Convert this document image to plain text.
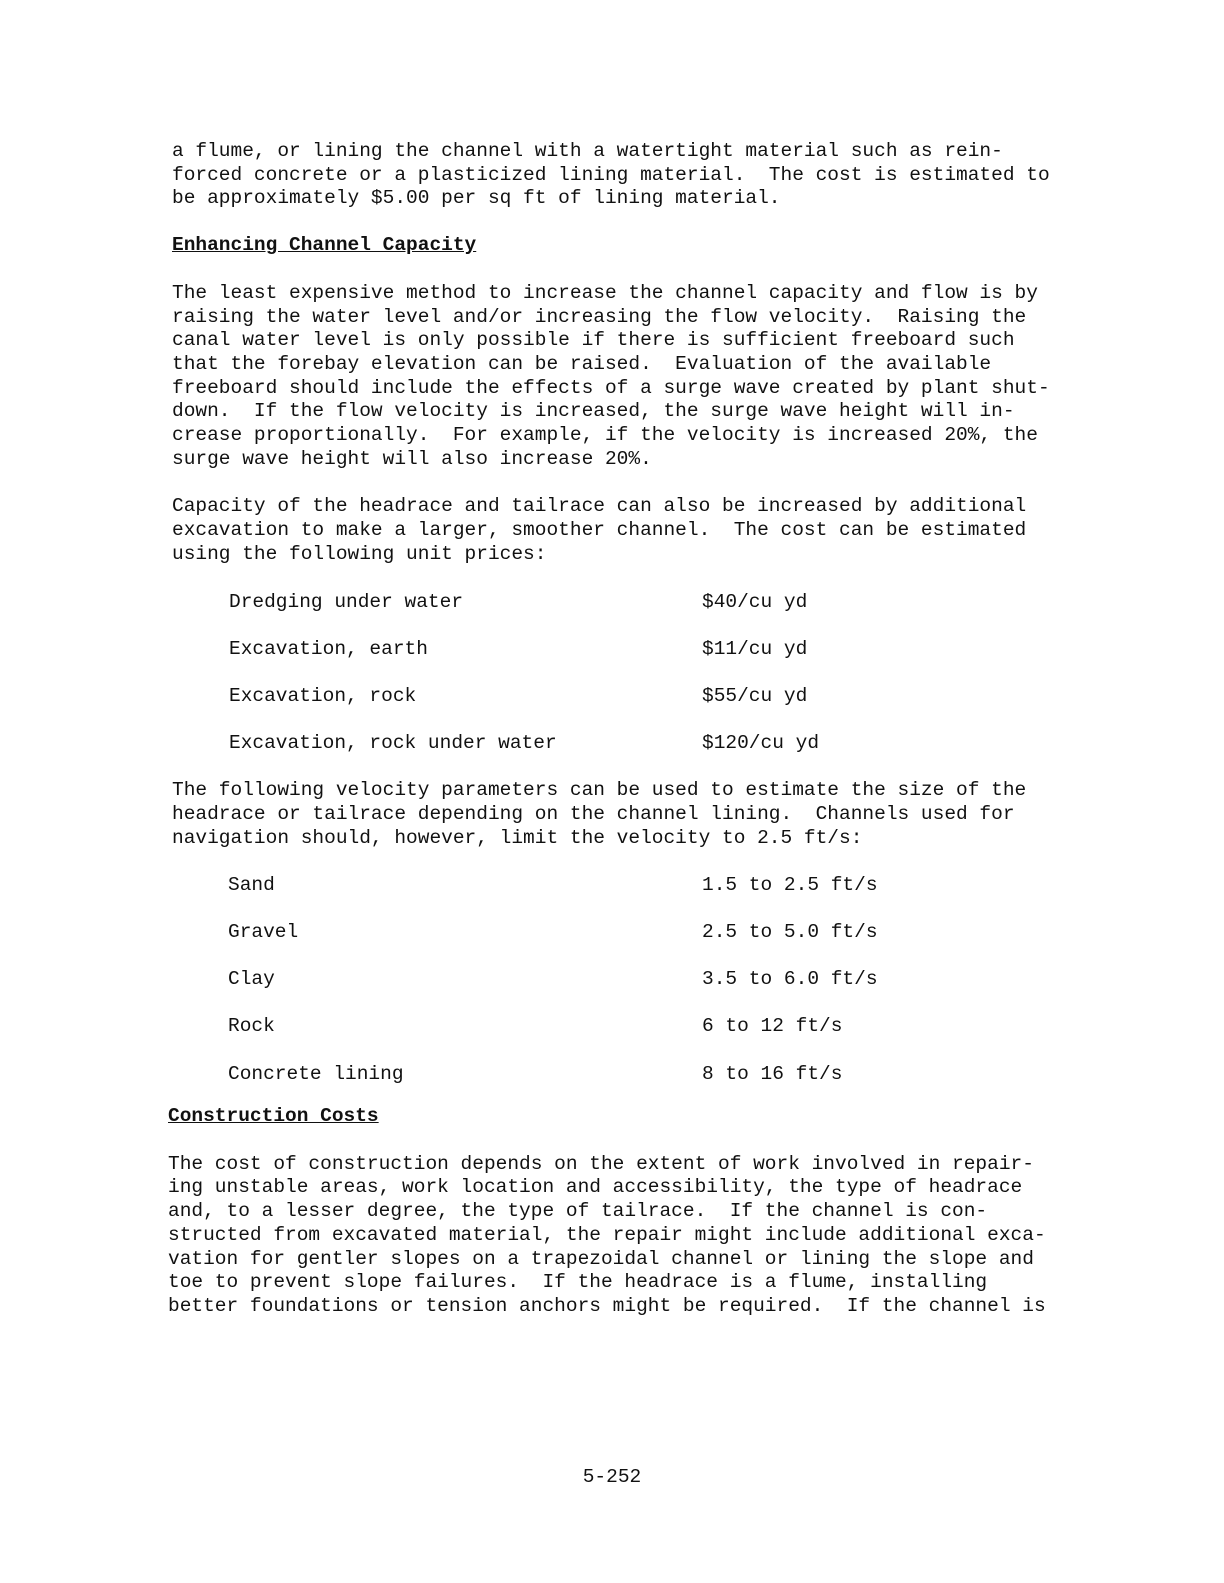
a flume, or lining the channel with a watertight material such as rein-
forced concrete or a plasticized lining material.  The cost is estimated to
be approximately $5.00 per sq ft of lining material.

Enhancing Channel Capacity

The least expensive method to increase the channel capacity and flow is by
raising the water level and/or increasing the flow velocity.  Raising the
canal water level is only possible if there is sufficient freeboard such
that the forebay elevation can be raised.  Evaluation of the available
freeboard should include the effects of a surge wave created by plant shut-
down.  If the flow velocity is increased, the surge wave height will in-
crease proportionally.  For example, if the velocity is increased 20%, the
surge wave height will also increase 20%.

Capacity of the headrace and tailrace can also be increased by additional
excavation to make a larger, smoother channel.  The cost can be estimated
using the following unit prices:

Dredging under water	$40/cu yd
Excavation, earth	$11/cu yd
Excavation, rock	$55/cu yd
Excavation, rock under water	$120/cu yd

The following velocity parameters can be used to estimate the size of the
headrace or tailrace depending on the channel lining.  Channels used for
navigation should, however, limit the velocity to 2.5 ft/s:

Sand	1.5 to 2.5 ft/s
Gravel	2.5 to 5.0 ft/s
Clay	3.5 to 6.0 ft/s
Rock	6 to 12 ft/s
Concrete lining	8 to 16 ft/s

Construction Costs

The cost of construction depends on the extent of work involved in repair-
ing unstable areas, work location and accessibility, the type of headrace
and, to a lesser degree, the type of tailrace.  If the channel is con-
structed from excavated material, the repair might include additional exca-
vation for gentler slopes on a trapezoidal channel or lining the slope and
toe to prevent slope failures.  If the headrace is a flume, installing
better foundations or tension anchors might be required.  If the channel is

5-252
